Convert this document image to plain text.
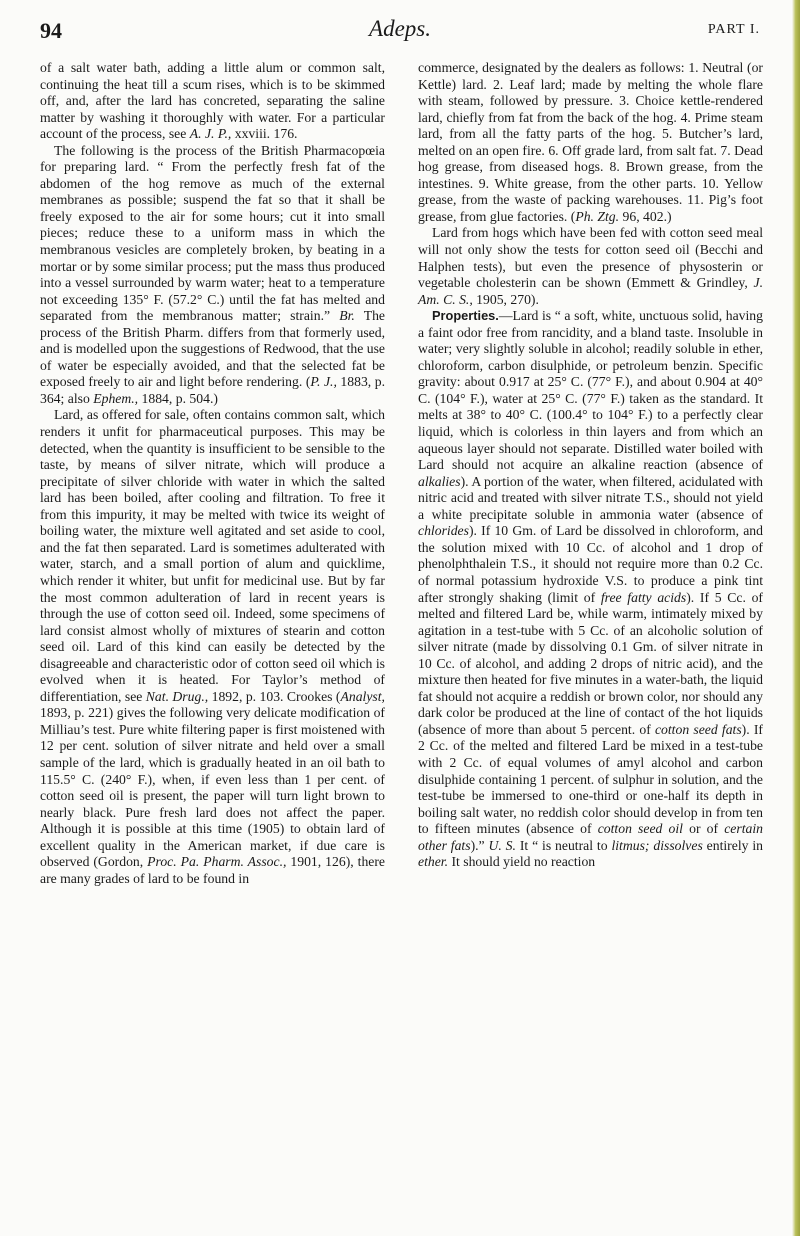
94	Adeps.	PART I.

of a salt water bath, adding a little alum or common salt, continuing the heat till a scum rises, which is to be skimmed off, and, after the lard has concreted, separating the saline matter by washing it thoroughly with water. For a particular account of the process, see A. J. P., xxviii. 176.

The following is the process of the British Pharmacopœia for preparing lard. “ From the perfectly fresh fat of the abdomen of the hog remove as much of the external membranes as possible; suspend the fat so that it shall be freely exposed to the air for some hours; cut it into small pieces; reduce these to a uniform mass in which the membranous vesicles are completely broken, by beating in a mortar or by some similar process; put the mass thus produced into a vessel surrounded by warm water; heat to a temperature not exceeding 135° F. (57.2° C.) until the fat has melted and separated from the membranous matter; strain.” Br. The process of the British Pharm. differs from that formerly used, and is modelled upon the suggestions of Redwood, that the use of water be especially avoided, and that the selected fat be exposed freely to air and light before rendering. (P. J., 1883, p. 364; also Ephem., 1884, p. 504.)

Lard, as offered for sale, often contains common salt, which renders it unfit for pharmaceutical purposes. This may be detected, when the quantity is insufficient to be sensible to the taste, by means of silver nitrate, which will produce a precipitate of silver chloride with water in which the salted lard has been boiled, after cooling and filtration. To free it from this impurity, it may be melted with twice its weight of boiling water, the mixture well agitated and set aside to cool, and the fat then separated. Lard is sometimes adulterated with water, starch, and a small portion of alum and quicklime, which render it whiter, but unfit for medicinal use. But by far the most common adulteration of lard in recent years is through the use of cotton seed oil. Indeed, some specimens of lard consist almost wholly of mixtures of stearin and cotton seed oil. Lard of this kind can easily be detected by the disagreeable and characteristic odor of cotton seed oil which is evolved when it is heated. For Taylor’s method of differentiation, see Nat. Drug., 1892, p. 103. Crookes (Analyst, 1893, p. 221) gives the following very delicate modification of Milliau’s test. Pure white filtering paper is first moistened with 12 per cent. solution of silver nitrate and held over a small sample of the lard, which is gradually heated in an oil bath to 115.5° C. (240° F.), when, if even less than 1 per cent. of cotton seed oil is present, the paper will turn light brown to nearly black. Pure fresh lard does not affect the paper. Although it is possible at this time (1905) to obtain lard of excellent quality in the American market, if due care is observed (Gordon, Proc. Pa. Pharm. Assoc., 1901, 126), there are many grades of lard to be found in

commerce, designated by the dealers as follows: 1. Neutral (or Kettle) lard. 2. Leaf lard; made by melting the whole flare with steam, followed by pressure. 3. Choice kettle-rendered lard, chiefly from fat from the back of the hog. 4. Prime steam lard, from all the fatty parts of the hog. 5. Butcher’s lard, melted on an open fire. 6. Off grade lard, from salt fat. 7. Dead hog grease, from diseased hogs. 8. Brown grease, from the intestines. 9. White grease, from the other parts. 10. Yellow grease, from the waste of packing warehouses. 11. Pig’s foot grease, from glue factories. (Ph. Ztg. 96, 402.)

Lard from hogs which have been fed with cotton seed meal will not only show the tests for cotton seed oil (Becchi and Halphen tests), but even the presence of physosterin or vegetable cholesterin can be shown (Emmett & Grindley, J. Am. C. S., 1905, 270).

Properties.—Lard is “ a soft, white, unctuous solid, having a faint odor free from rancidity, and a bland taste. Insoluble in water; very slightly soluble in alcohol; readily soluble in ether, chloroform, carbon disulphide, or petroleum benzin. Specific gravity: about 0.917 at 25° C. (77° F.), and about 0.904 at 40° C. (104° F.), water at 25° C. (77° F.) taken as the standard. It melts at 38° to 40° C. (100.4° to 104° F.) to a perfectly clear liquid, which is colorless in thin layers and from which an aqueous layer should not separate. Distilled water boiled with Lard should not acquire an alkaline reaction (absence of alkalies). A portion of the water, when filtered, acidulated with nitric acid and treated with silver nitrate T.S., should not yield a white precipitate soluble in ammonia water (absence of chlorides). If 10 Gm. of Lard be dissolved in chloroform, and the solution mixed with 10 Cc. of alcohol and 1 drop of phenolphthalein T.S., it should not require more than 0.2 Cc. of normal potassium hydroxide V.S. to produce a pink tint after strongly shaking (limit of free fatty acids). If 5 Cc. of melted and filtered Lard be, while warm, intimately mixed by agitation in a test-tube with 5 Cc. of an alcoholic solution of silver nitrate (made by dissolving 0.1 Gm. of silver nitrate in 10 Cc. of alcohol, and adding 2 drops of nitric acid), and the mixture then heated for five minutes in a water-bath, the liquid fat should not acquire a reddish or brown color, nor should any dark color be produced at the line of contact of the hot liquids (absence of more than about 5 percent. of cotton seed fats). If 2 Cc. of the melted and filtered Lard be mixed in a test-tube with 2 Cc. of equal volumes of amyl alcohol and carbon disulphide containing 1 percent. of sulphur in solution, and the test-tube be immersed to one-third or one-half its depth in boiling salt water, no reddish color should develop in from ten to fifteen minutes (absence of cotton seed oil or of certain other fats).” U. S. It “ is neutral to litmus; dissolves entirely in ether. It should yield no reaction
